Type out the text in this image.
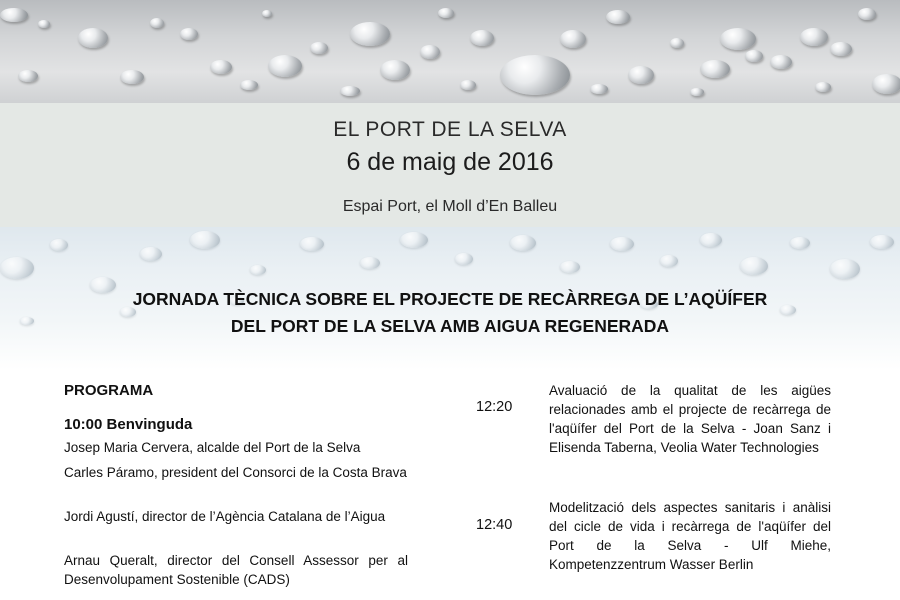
EL PORT DE LA SELVA
6 de maig de 2016
Espai Port, el Moll d’En Balleu
JORNADA TÈCNICA SOBRE EL PROJECTE DE RECÀRREGA DE L’AQÜÍFER
DEL PORT DE LA SELVA AMB AIGUA REGENERADA
PROGRAMA
10:00 Benvinguda
Josep Maria Cervera, alcalde del Port de la Selva
Carles Páramo, president del Consorci de la Costa Brava
Jordi Agustí, director de l’Agència Catalana de l’Aigua
Arnau Queralt, director del Consell Assessor per al Desenvolupament Sostenible (CADS)
12:20
Avaluació de la qualitat de les aigües relacionades amb el projecte de recàrrega de l'aqüífer del Port de la Selva - Joan Sanz i Elisenda Taberna, Veolia Water Technologies
12:40
Modelització dels aspectes sanitaris i anàlisi del cicle de vida i recàrrega de l'aqüífer del Port de la Selva - Ulf Miehe, Kompetenzzentrum Wasser Berlin
